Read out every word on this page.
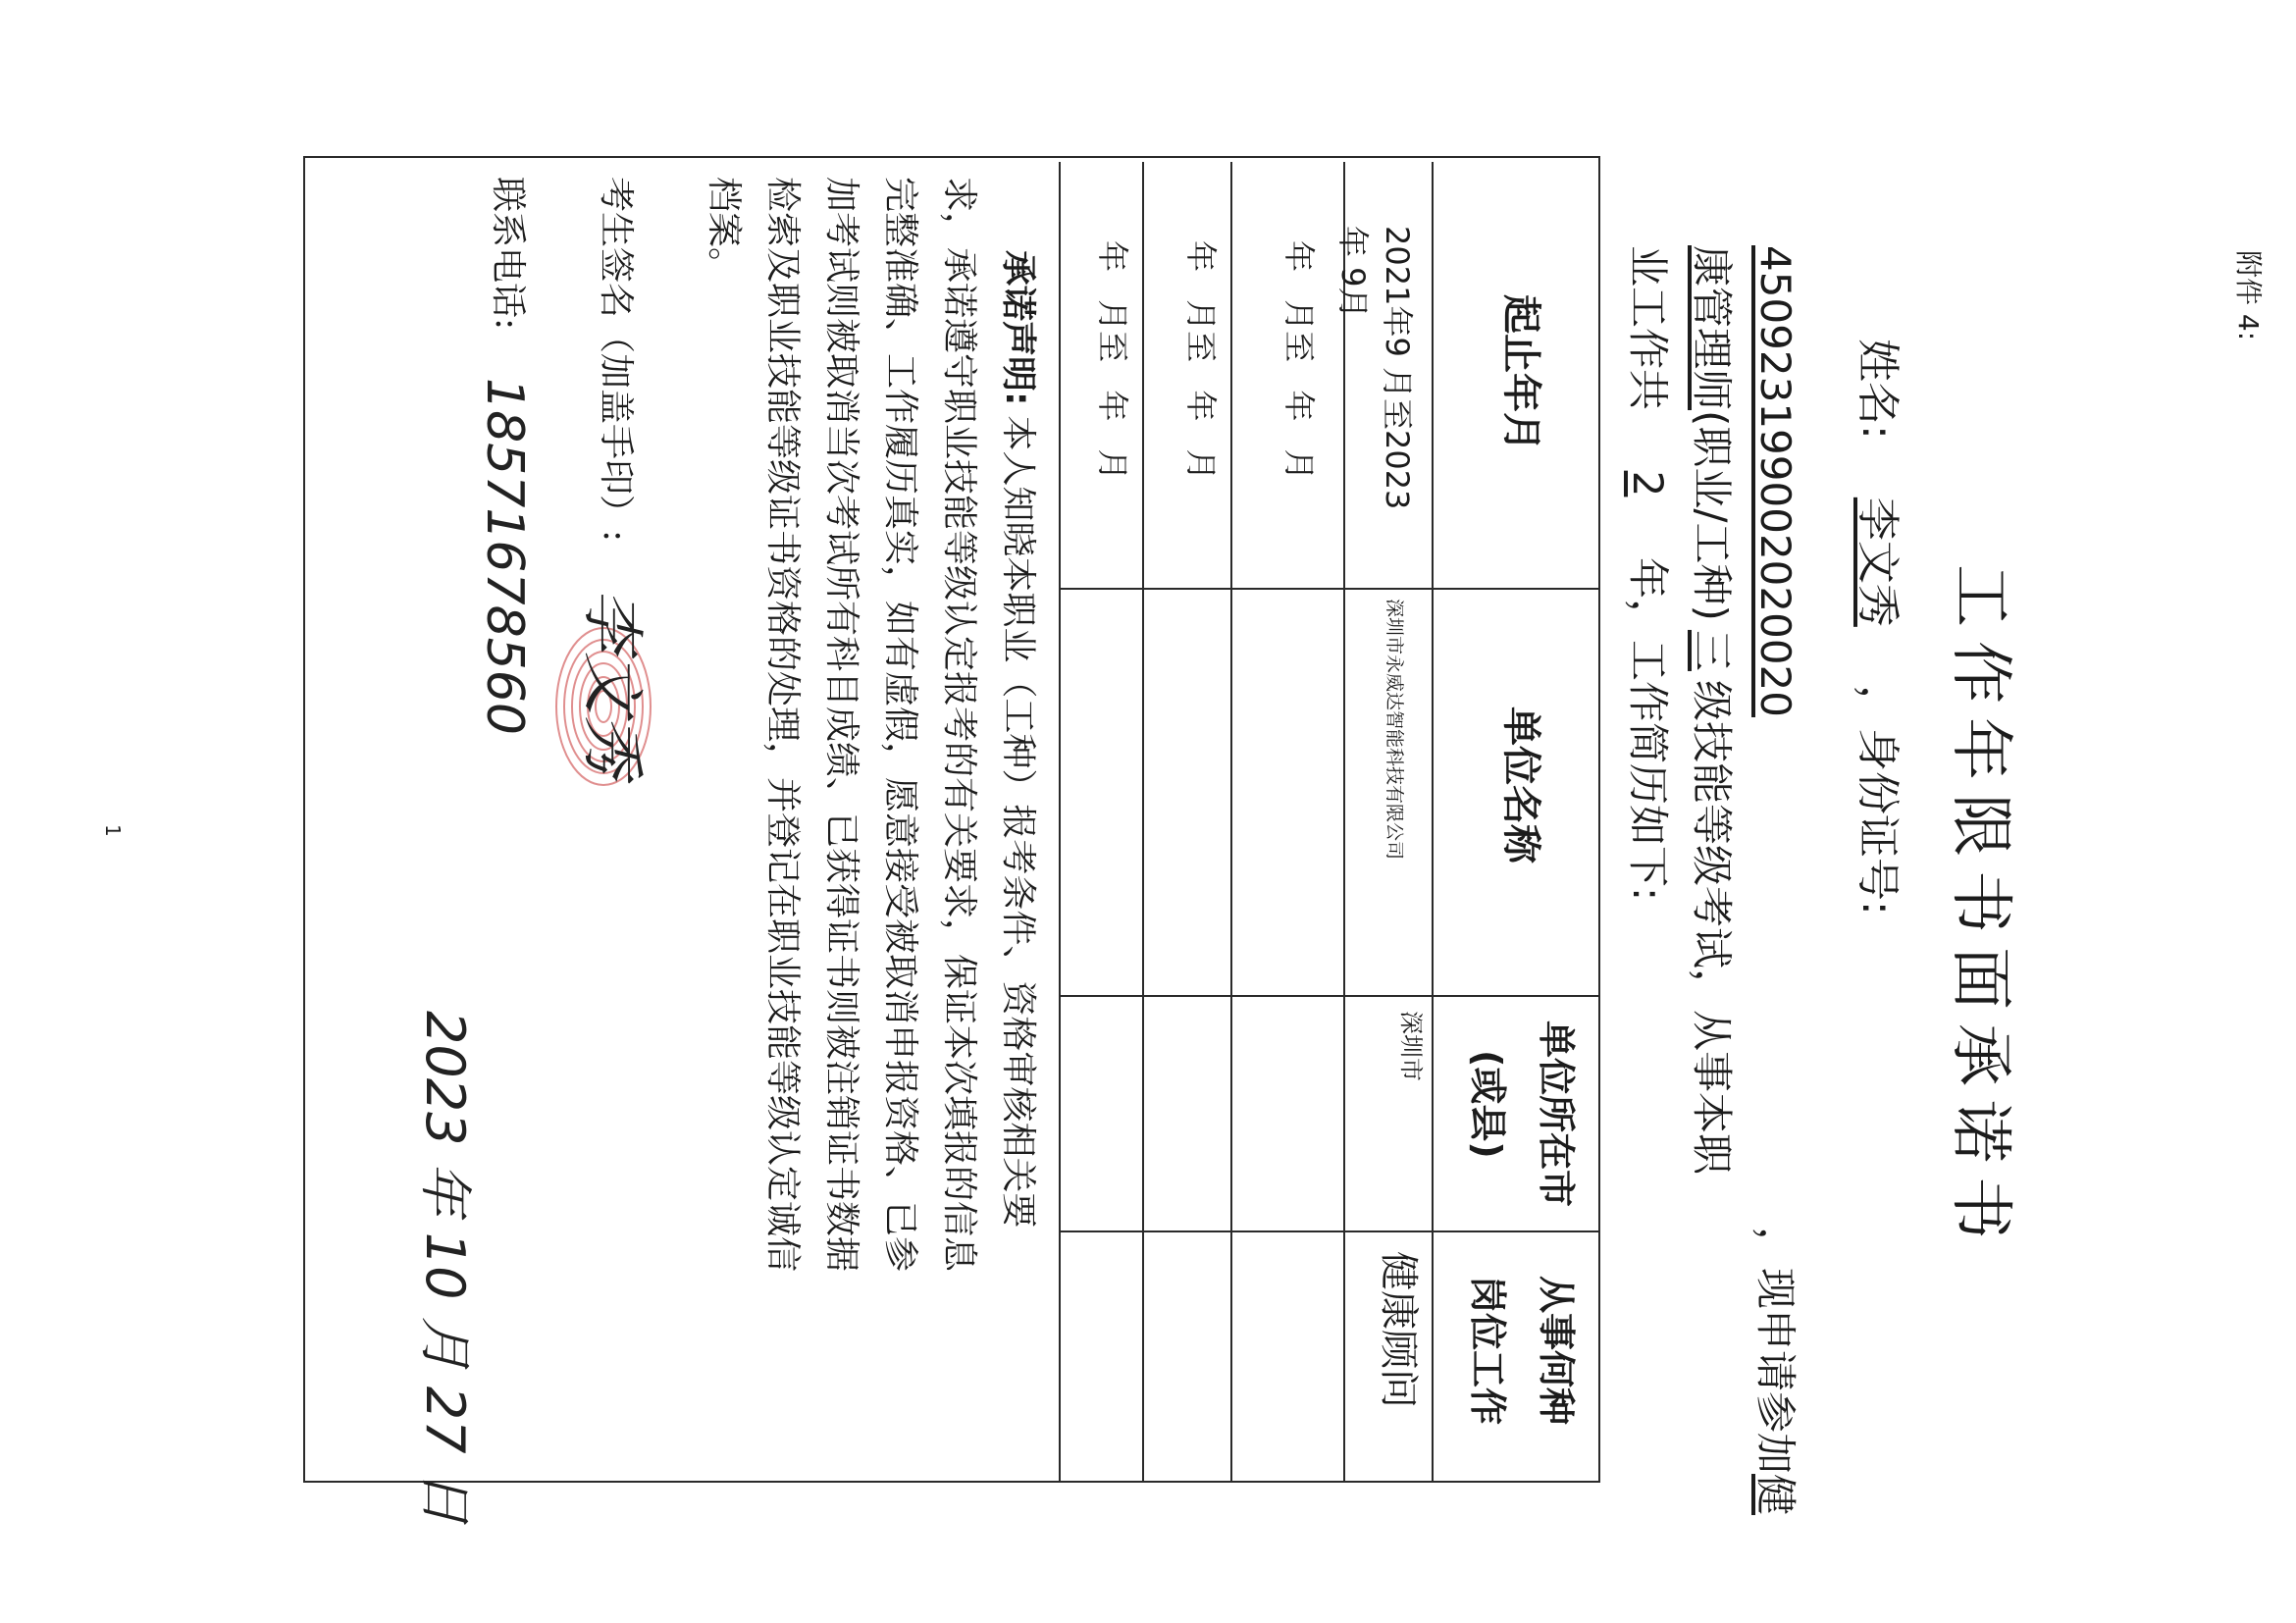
1
附件 4:
工作年限书面承诺书
姓名:李文秀，身份证号:
450923199002020020，现申请参加健
康管理师(职业/工种)三级技能等级考试，从事本职
业工作共2年，工作简历如下:
起止年月
单位名称
单位所在市
(或县)
从事何种
岗位工作
2021年9 月至2023
年 9月
深圳市永威达智能科技有限公司
深圳市
健康顾问
年 月至 年 月
年 月至 年 月
年 月至 年 月
承诺声明:本人知晓本职业（工种）报考条件、资格审核相关要
求，承诺遵守职业技能等级认定报考的有关要求，保证本次填报的信息
完整准确、工作履历真实，如有虚假，愿意接受被取消申报资格、已参
加考试则被取消当次考试所有科目成绩、已获得证书则被注销证书数据
检索及职业技能等级证书资格的处理，并登记在职业技能等级认定诚信
档案。
考生签名（加盖手印）:
李文秀
联系电话:
18571678560
2023 年 10 月 27 日
